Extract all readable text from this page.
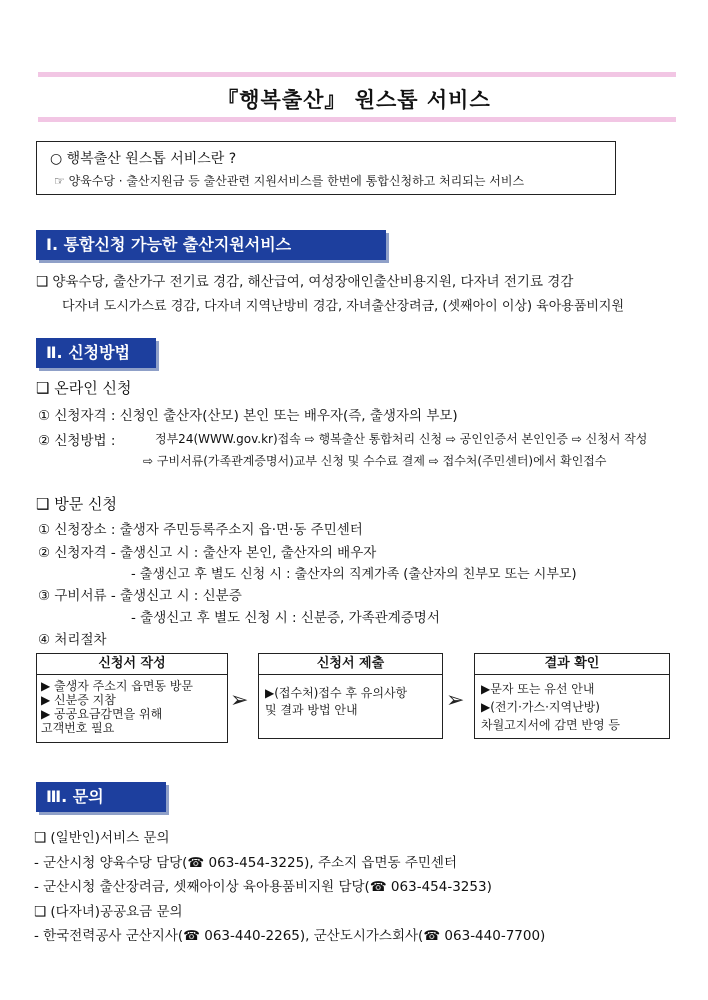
『행복출산』 원스톱 서비스
○ 행복출산 원스톱 서비스란 ?
☞ 양육수당 · 출산지원금 등 출산관련 지원서비스를 한번에 통합신청하고 처리되는 서비스
Ⅰ. 통합신청 가능한 출산지원서비스
❑ 양육수당, 출산가구 전기료 경감, 해산급여, 여성장애인출산비용지원, 다자녀 전기료 경감
다자녀 도시가스료 경감, 다자녀 지역난방비 경감, 자녀출산장려금, (셋째아이 이상) 육아용품비지원
Ⅱ. 신청방법
❑ 온라인 신청
① 신청자격 : 신청인 출산자(산모) 본인 또는 배우자(즉, 출생자의 부모)
② 신청방법 :	정부24(WWW.gov.kr)접속 ⇨ 행복출산 통합처리 신청 ⇨ 공인인증서 본인인증 ⇨ 신청서 작성
⇨ 구비서류(가족관계증명서)교부 신청 및 수수료 결제 ⇨ 접수처(주민센터)에서 확인접수
❑ 방문 신청
① 신청장소 : 출생자 주민등록주소지 읍·면·동 주민센터
② 신청자격 - 출생신고 시 : 출산자 본인, 출산자의 배우자
- 출생신고 후 별도 신청 시 : 출산자의 직계가족 (출산자의 친부모 또는 시부모)
③ 구비서류 - 출생신고 시 : 신분증
- 출생신고 후 별도 신청 시 : 신분증, 가족관계증명서
④ 처리절차
신청서 작성
▶ 출생자 주소지 읍면동 방문
▶ 신분증 지참
▶ 공공요금감면을 위해
고객번호 필요
➢
신청서 제출
▶(접수처)접수 후 유의사항
및 결과 방법 안내	➢
결과 확인
▶문자 또는 유선 안내
▶(전기·가스·지역난방)
차월고지서에 감면 반영 등
Ⅲ. 문의
❑ (일반인)서비스 문의
- 군산시청 양육수당 담당(☎ 063-454-3225), 주소지 읍면동 주민센터
- 군산시청 출산장려금, 셋째아이상 육아용품비지원 담당(☎ 063-454-3253)
❑ (다자녀)공공요금 문의
- 한국전력공사 군산지사(☎ 063-440-2265), 군산도시가스회사(☎ 063-440-7700)
